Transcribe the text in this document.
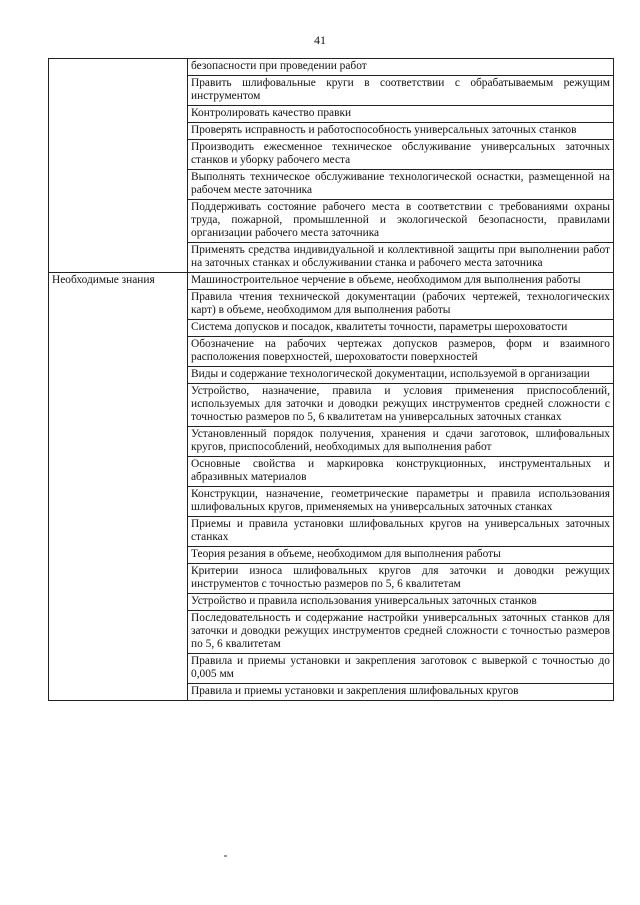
41
	безопасности при проведении работ
	Править шлифовальные круги в соответствии с обрабатываемым режущим инструментом
	Контролировать качество правки
	Проверять исправность и работоспособность универсальных заточных станков
	Производить ежесменное техническое обслуживание универсальных заточных станков и уборку рабочего места
	Выполнять техническое обслуживание технологической оснастки, размещенной на рабочем месте заточника
	Поддерживать состояние рабочего места в соответствии с требованиями охраны труда, пожарной, промышленной и экологической безопасности, правилами организации рабочего места заточника
	Применять средства индивидуальной и коллективной защиты при выполнении работ на заточных станках и обслуживании станка и рабочего места заточника
Необходимые знания	Машиностроительное черчение в объеме, необходимом для выполнения работы
	Правила чтения технической документации (рабочих чертежей, технологических карт) в объеме, необходимом для выполнения работы
	Система допусков и посадок, квалитеты точности, параметры шероховатости
	Обозначение на рабочих чертежах допусков размеров, форм и взаимного расположения поверхностей, шероховатости поверхностей
	Виды и содержание технологической документации, используемой в организации
	Устройство, назначение, правила и условия применения приспособлений, используемых для заточки и доводки режущих инструментов средней сложности с точностью размеров по 5, 6 квалитетам на универсальных заточных станках
	Установленный порядок получения, хранения и сдачи заготовок, шлифовальных кругов, приспособлений, необходимых для выполнения работ
	Основные свойства и маркировка конструкционных, инструментальных и абразивных материалов
	Конструкции, назначение, геометрические параметры и правила использования шлифовальных кругов, применяемых на универсальных заточных станках
	Приемы и правила установки шлифовальных кругов на универсальных заточных станках
	Теория резания в объеме, необходимом для выполнения работы
	Критерии износа шлифовальных кругов для заточки и доводки режущих инструментов с точностью размеров по 5, 6 квалитетам
	Устройство и правила использования универсальных заточных станков
	Последовательность и содержание настройки универсальных заточных станков для заточки и доводки режущих инструментов средней сложности с точностью размеров по 5, 6 квалитетам
	Правила и приемы установки и закрепления заготовок с выверкой с точностью до 0,005 мм
	Правила и приемы установки и закрепления шлифовальных кругов
